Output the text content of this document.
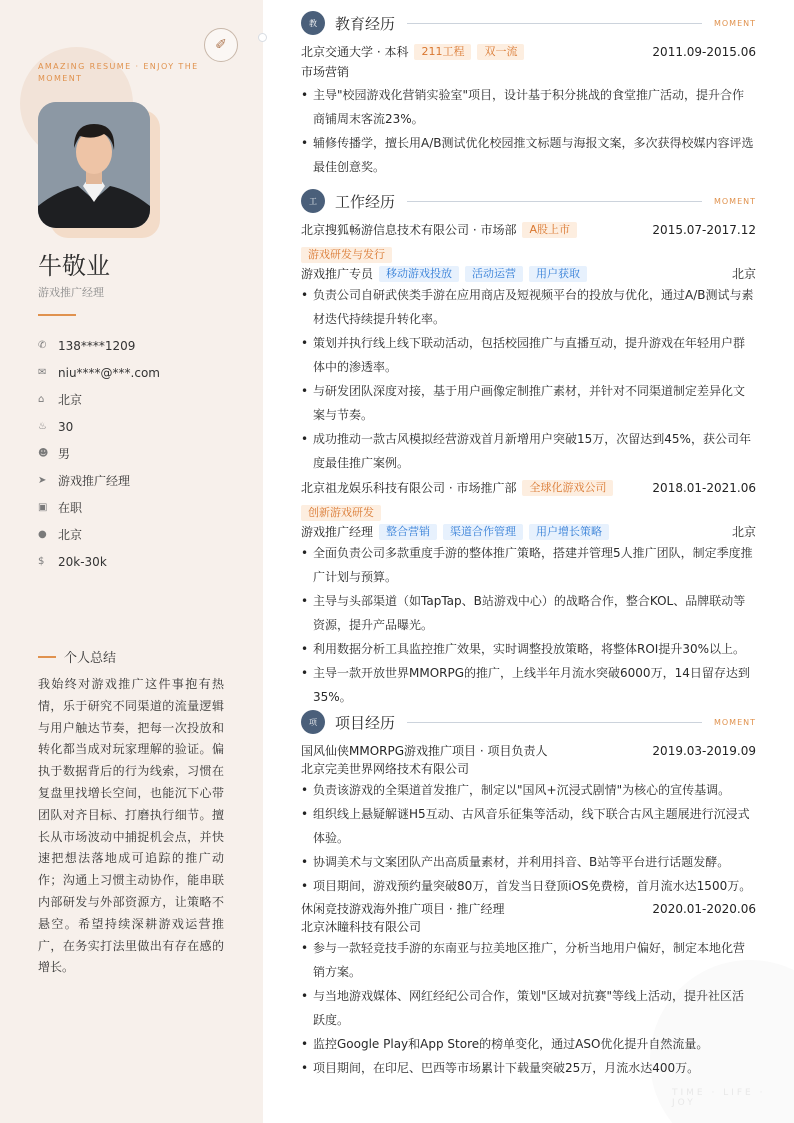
✐
AMAZING RESUME · ENJOY THE MOMENT
牛敬业
游戏推广经理
✆ 138****1209
✉ niu****@***.com
⌂	北京
♨ 30
☻ 男
➤ 游戏推广经理
▣ 在职
● 北京
$	20k-30k
个人总结
我始终对游戏推广这件事抱有热情，乐于研究不同渠道的流量逻辑与用户触达节奏，把每一次投放和转化都当成对玩家理解的验证。偏执于数据背后的行为线索，习惯在复盘里找增长空间，也能沉下心带团队对齐目标、打磨执行细节。擅长从市场波动中捕捉机会点，并快速把想法落地成可追踪的推广动作；沟通上习惯主动协作，能串联内部研发与外部资源方，让策略不悬空。希望持续深耕游戏运营推广，在务实打法里做出有存在感的增长。
TIME · LIFE · JOY
教	教育经历	MOMENT
北京交通大学 · 本科	211工程	双一流	2011.09-2015.06
市场营销
• 主导"校园游戏化营销实验室"项目，设计基于积分挑战的食堂推广活动，提升合作商铺周末客流23%。
• 辅修传播学，擅长用A/B测试优化校园推文标题与海报文案，多次获得校媒内容评选最佳创意奖。
工	工作经历	MOMENT
北京搜狐畅游信息技术有限公司 · 市场部	A股上市	2015.07-2017.12
游戏研发与发行
游戏推广专员	移动游戏投放	活动运营	用户获取	北京
• 负责公司自研武侠类手游在应用商店及短视频平台的投放与优化，通过A/B测试与素材迭代持续提升转化率。
• 策划并执行线上线下联动活动，包括校园推广与直播互动，提升游戏在年轻用户群体中的渗透率。
• 与研发团队深度对接，基于用户画像定制推广素材，并针对不同渠道制定差异化文案与节奏。
• 成功推动一款古风模拟经营游戏首月新增用户突破15万，次留达到45%，获公司年度最佳推广案例。
北京祖龙娱乐科技有限公司 · 市场推广部	全球化游戏公司	2018.01-2021.06
创新游戏研发
游戏推广经理	整合营销	渠道合作管理	用户增长策略	北京
• 全面负责公司多款重度手游的整体推广策略，搭建并管理5人推广团队，制定季度推广计划与预算。
• 主导与头部渠道（如TapTap、B站游戏中心）的战略合作，整合KOL、品牌联动等资源，提升产品曝光。
• 利用数据分析工具监控推广效果，实时调整投放策略，将整体ROI提升30%以上。
• 主导一款开放世界MMORPG的推广，上线半年月流水突破6000万，14日留存达到35%。
项	项目经历	MOMENT
国风仙侠MMORPG游戏推广项目 · 项目负责人	2019.03-2019.09
北京完美世界网络技术有限公司
• 负责该游戏的全渠道首发推广，制定以"国风+沉浸式剧情"为核心的宣传基调。
• 组织线上悬疑解谜H5互动、古风音乐征集等活动，线下联合古风主题展进行沉浸式体验。
• 协调美术与文案团队产出高质量素材，并利用抖音、B站等平台进行话题发酵。
• 项目期间，游戏预约量突破80万，首发当日登顶iOS免费榜，首月流水达1500万。
休闲竞技游戏海外推广项目 · 推广经理	2020.01-2020.06
北京沐瞳科技有限公司
• 参与一款轻竞技手游的东南亚与拉美地区推广，分析当地用户偏好，制定本地化营销方案。
• 与当地游戏媒体、网红经纪公司合作，策划"区域对抗赛"等线上活动，提升社区活跃度。
• 监控Google Play和App Store的榜单变化，通过ASO优化提升自然流量。
• 项目期间，在印尼、巴西等市场累计下载量突破25万，月流水达400万。
